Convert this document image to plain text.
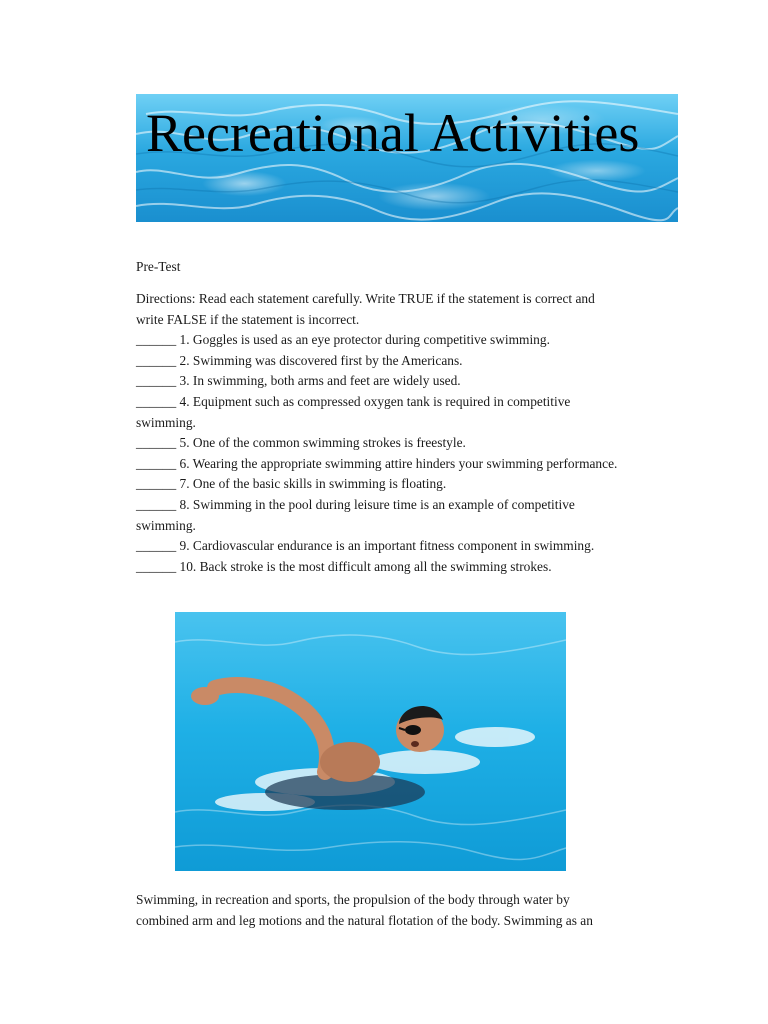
Recreational Activities
Pre-Test
Directions: Read each statement carefully. Write TRUE if the statement is correct and
write FALSE if the statement is incorrect.
______ 1. Goggles is used as an eye protector during competitive swimming.
______ 2. Swimming was discovered first by the Americans.
______ 3. In swimming, both arms and feet are widely used.
______ 4. Equipment such as compressed oxygen tank is required in competitive
swimming.
______ 5. One of the common swimming strokes is freestyle.
______ 6. Wearing the appropriate swimming attire hinders your swimming performance.
______ 7. One of the basic skills in swimming is floating.
______ 8. Swimming in the pool during leisure time is an example of competitive
swimming.
______ 9. Cardiovascular endurance is an important fitness component in swimming.
______ 10. Back stroke is the most difficult among all the swimming strokes.
Swimming, in recreation and sports, the propulsion of the body through water by
combined arm and leg motions and the natural flotation of the body. Swimming as an
